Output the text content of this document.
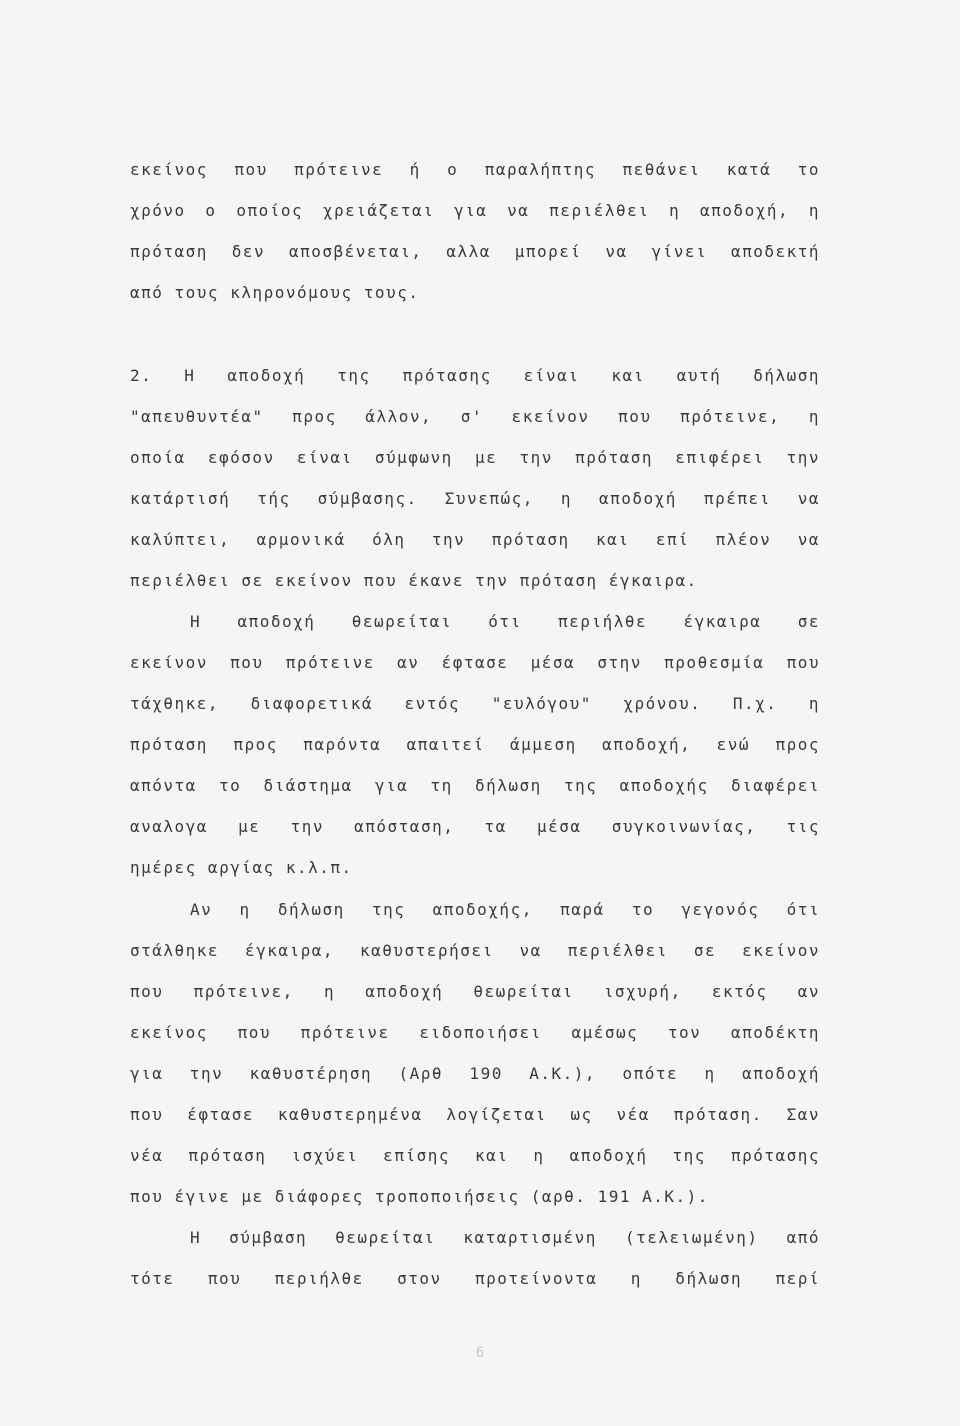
ɛκείνος που πρότεινε ή ο παραλήπτης πεθάνει κατά το
χρόνο ο οποίος χρειάζεται για να περιέλθει η αποδοχή, η
πρόταση δεν αποσβένεται, αλλα μπορεί να γίνει αποδεκτή
από τους κληρονόμους τους.
2. Η αποδοχή της πρότασης είναι και αυτή δήλωση
"απευθυντέα" προς άλλον, σ' εκείνον που πρότεινε, η
οποία εφόσον είναι σύμφωνη με την πρόταση επιφέρει την
κατάρτισή τής σύμβασης. Συνεπώς, η αποδοχή πρέπει να
καλύπτει, αρμονικά όλη την πρόταση και επί πλέον να
περιέλθει σε εκείνον που έκανε την πρόταση έγκαιρα.
Η αποδοχή θεωρείται ότι περιήλθε έγκαιρα σε
εκείνον που πρότεινε αν έφτασε μέσα στην προθεσμία που
τάχθηκε, διαφορετικά εντός "ευλόγου" χρόνου. Π.χ. η
πρόταση προς παρόντα απαιτεί άμμεση αποδοχή, ενώ προς
απόντα το διάστημα για τη δήλωση της αποδοχής διαφέρει
αναλογα με την απόσταση, τα μέσα συγκοινωνίας, τις
ημέρες αργίας κ.λ.π.
Αν η δήλωση της αποδοχής, παρά το γεγονός ότι
στάλθηκε έγκαιρα, καθυστερήσει να περιέλθει σε εκείνον
που πρότεινε, η αποδοχή θεωρείται ισχυρή, εκτός αν
εκείνος που πρότεινε ειδοποιήσει αμέσως τον αποδέκτη
για την καθυστέρηση (Αρθ 190 Α.Κ.), οπότε η αποδοχή
που έφτασε καθυστερημένα λογίζεται ως νέα πρόταση. Σαν
νέα πρόταση ισχύει επίσης και η αποδοχή της πρότασης
που έγινε με διάφορες τροποποιήσεις (αρθ. 191 Α.Κ.).
Η σύμβαση θεωρείται καταρτισμένη (τελειωμένη) από
τότε που περιήλθε στον προτείνοντα η δήλωση περί
6
